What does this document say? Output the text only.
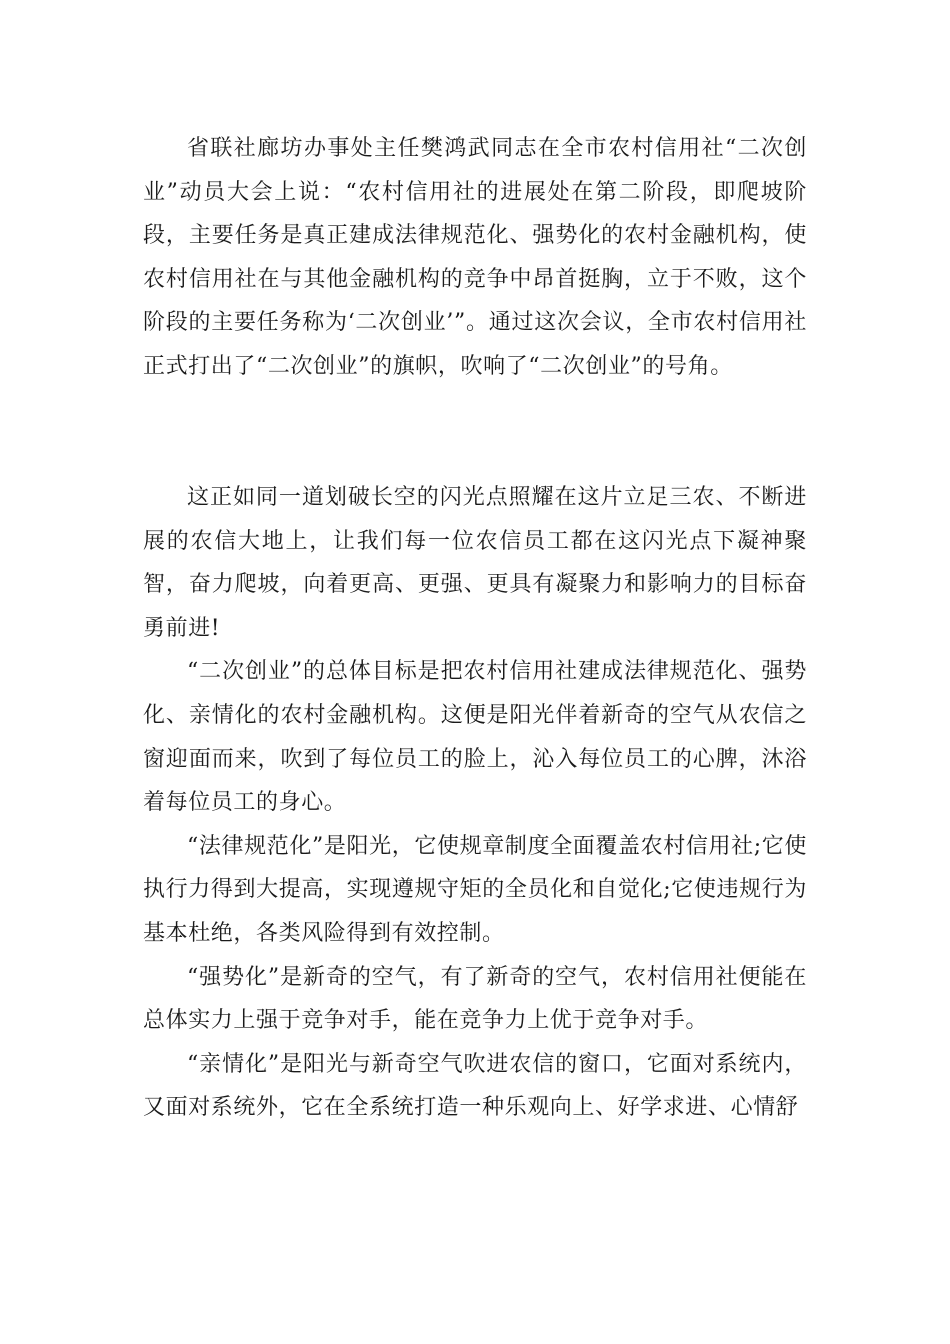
省联社廊坊办事处主任樊鸿武同志在全市农村信用社“二次创业”动员大会上说：“农村信用社的进展处在第二阶段，即爬坡阶段，主要任务是真正建成法律规范化、强势化的农村金融机构，使农村信用社在与其他金融机构的竞争中昂首挺胸，立于不败，这个阶段的主要任务称为‘二次创业’”。通过这次会议，全市农村信用社正式打出了“二次创业”的旗帜，吹响了“二次创业”的号角。

这正如同一道划破长空的闪光点照耀在这片立足三农、不断进展的农信大地上，让我们每一位农信员工都在这闪光点下凝神聚智，奋力爬坡，向着更高、更强、更具有凝聚力和影响力的目标奋勇前进!

“二次创业”的总体目标是把农村信用社建成法律规范化、强势化、亲情化的农村金融机构。这便是阳光伴着新奇的空气从农信之窗迎面而来，吹到了每位员工的脸上，沁入每位员工的心脾，沐浴着每位员工的身心。

“法律规范化”是阳光，它使规章制度全面覆盖农村信用社;它使执行力得到大提高，实现遵规守矩的全员化和自觉化;它使违规行为基本杜绝，各类风险得到有效控制。

“强势化”是新奇的空气，有了新奇的空气，农村信用社便能在总体实力上强于竞争对手，能在竞争力上优于竞争对手。

“亲情化”是阳光与新奇空气吹进农信的窗口，它面对系统内，又面对系统外，它在全系统打造一种乐观向上、好学求进、心情舒
